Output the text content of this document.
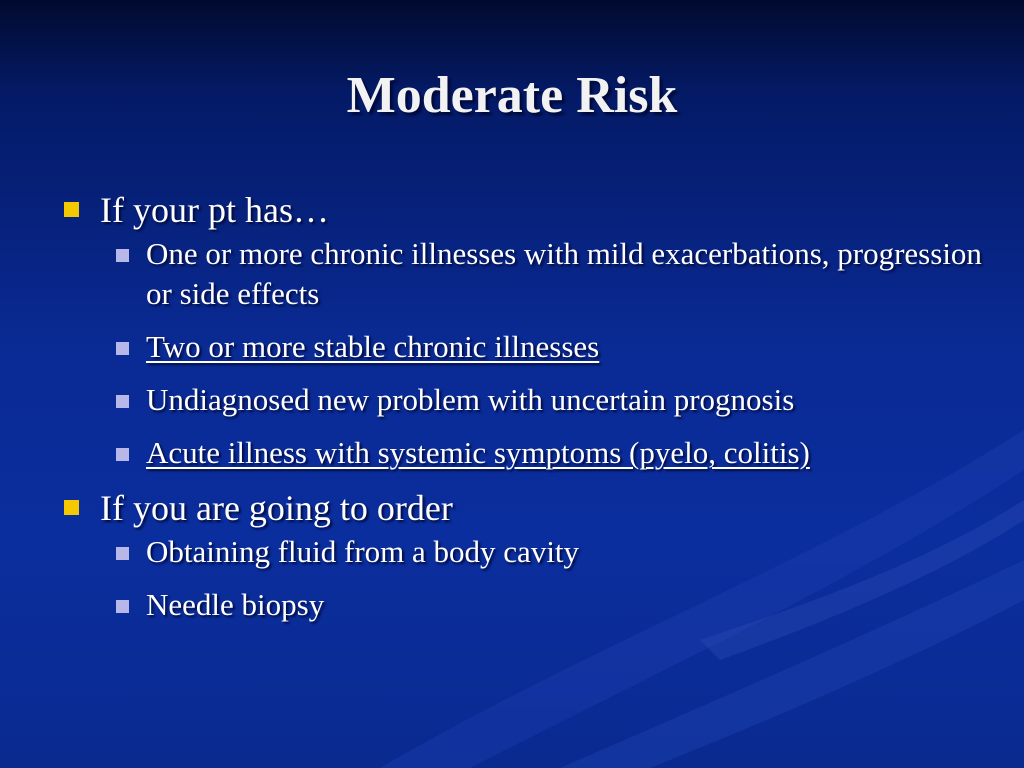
Moderate Risk
If your pt has…
One or more chronic illnesses with mild exacerbations, progression or side effects
Two or more stable chronic illnesses
Undiagnosed new problem with uncertain prognosis
Acute illness with systemic symptoms (pyelo, colitis)
If you are going to order
Obtaining fluid from a body cavity
Needle biopsy
